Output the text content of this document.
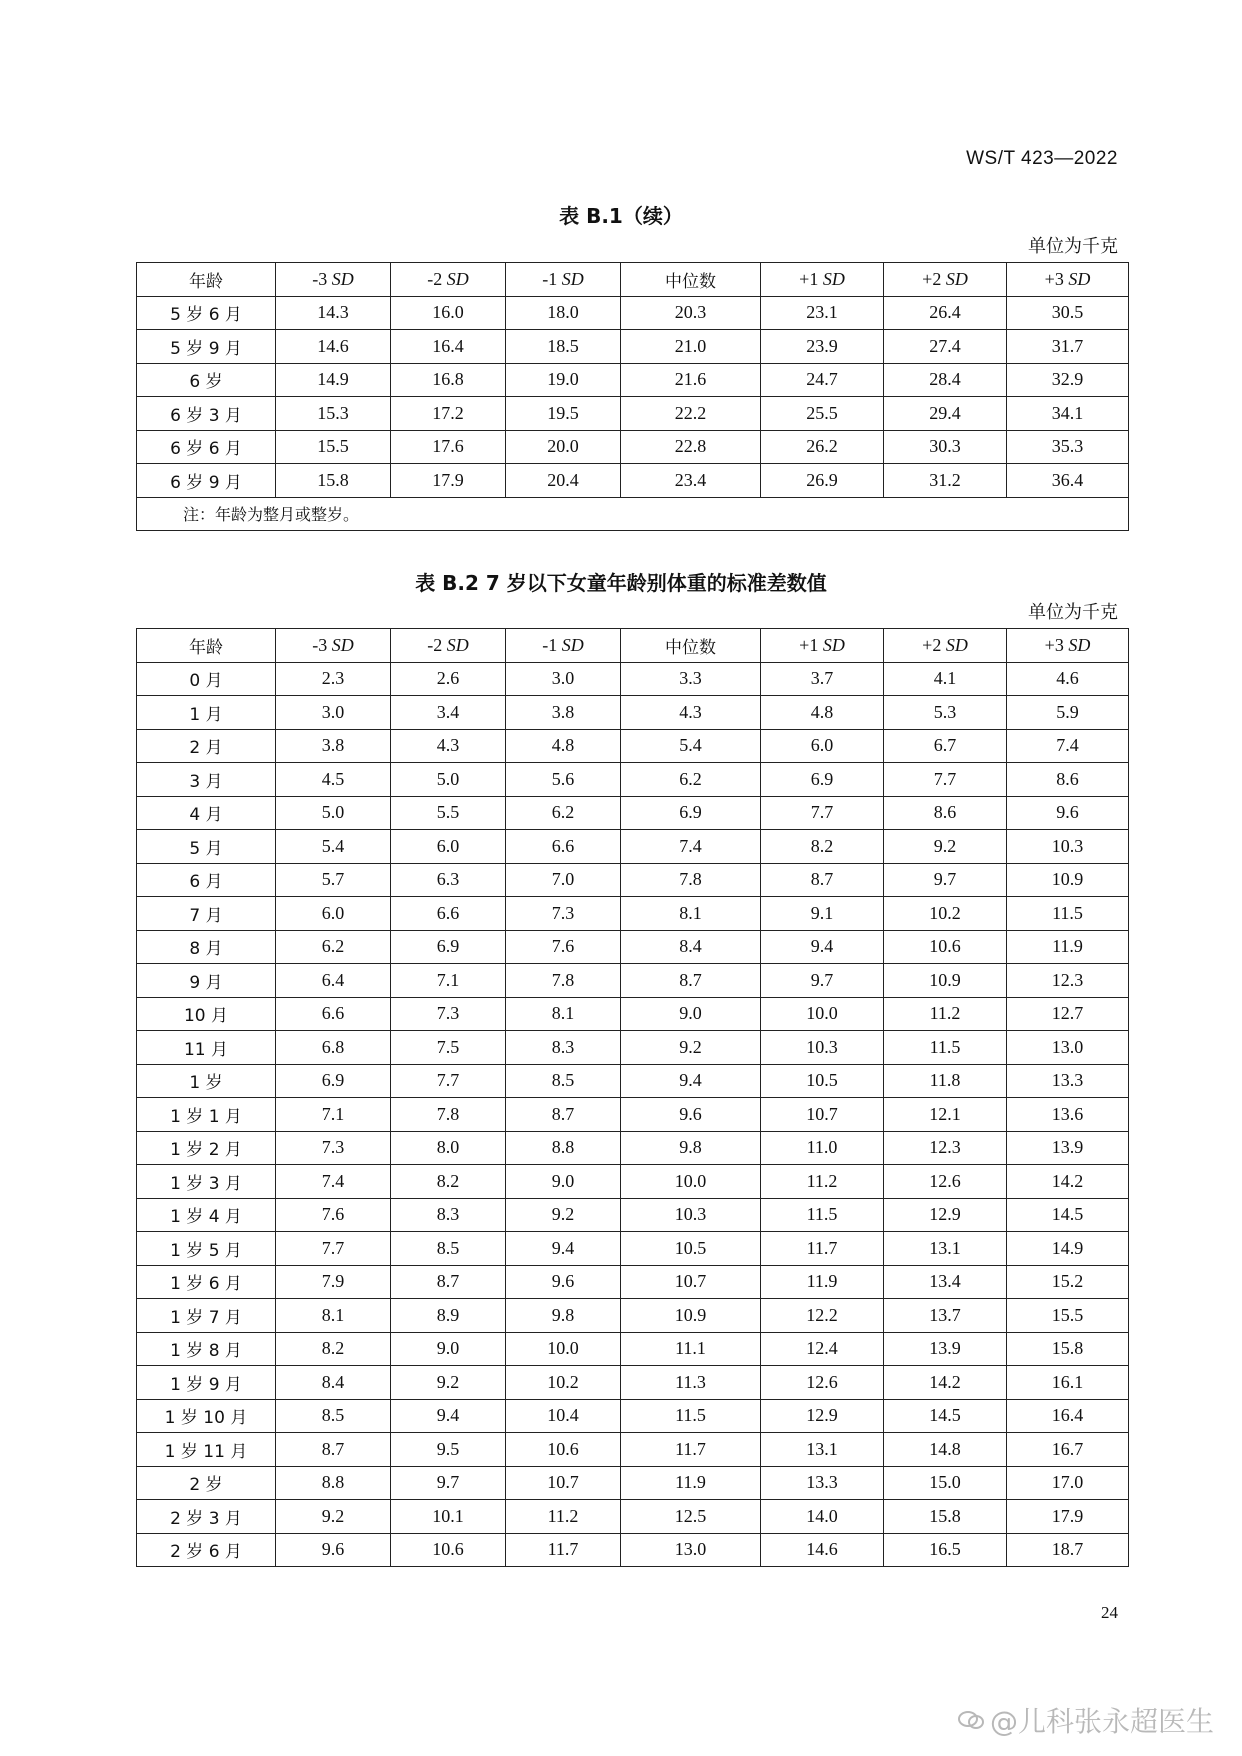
WS/T 423—2022
表 B.1（续）
单位为千克
年龄	-3 SD	-2 SD	-1 SD	中位数	+1 SD	+2 SD	+3 SD
5 岁 6 月	14.3	16.0	18.0	20.3	23.1	26.4	30.5
5 岁 9 月	14.6	16.4	18.5	21.0	23.9	27.4	31.7
6 岁	14.9	16.8	19.0	21.6	24.7	28.4	32.9
6 岁 3 月	15.3	17.2	19.5	22.2	25.5	29.4	34.1
6 岁 6 月	15.5	17.6	20.0	22.8	26.2	30.3	35.3
6 岁 9 月	15.8	17.9	20.4	23.4	26.9	31.2	36.4
注：年龄为整月或整岁。							
表 B.2 7 岁以下女童年龄别体重的标准差数值
单位为千克
年龄	-3 SD	-2 SD	-1 SD	中位数	+1 SD	+2 SD	+3 SD
0 月	2.3	2.6	3.0	3.3	3.7	4.1	4.6
1 月	3.0	3.4	3.8	4.3	4.8	5.3	5.9
2 月	3.8	4.3	4.8	5.4	6.0	6.7	7.4
3 月	4.5	5.0	5.6	6.2	6.9	7.7	8.6
4 月	5.0	5.5	6.2	6.9	7.7	8.6	9.6
5 月	5.4	6.0	6.6	7.4	8.2	9.2	10.3
6 月	5.7	6.3	7.0	7.8	8.7	9.7	10.9
7 月	6.0	6.6	7.3	8.1	9.1	10.2	11.5
8 月	6.2	6.9	7.6	8.4	9.4	10.6	11.9
9 月	6.4	7.1	7.8	8.7	9.7	10.9	12.3
10 月	6.6	7.3	8.1	9.0	10.0	11.2	12.7
11 月	6.8	7.5	8.3	9.2	10.3	11.5	13.0
1 岁	6.9	7.7	8.5	9.4	10.5	11.8	13.3
1 岁 1 月	7.1	7.8	8.7	9.6	10.7	12.1	13.6
1 岁 2 月	7.3	8.0	8.8	9.8	11.0	12.3	13.9
1 岁 3 月	7.4	8.2	9.0	10.0	11.2	12.6	14.2
1 岁 4 月	7.6	8.3	9.2	10.3	11.5	12.9	14.5
1 岁 5 月	7.7	8.5	9.4	10.5	11.7	13.1	14.9
1 岁 6 月	7.9	8.7	9.6	10.7	11.9	13.4	15.2
1 岁 7 月	8.1	8.9	9.8	10.9	12.2	13.7	15.5
1 岁 8 月	8.2	9.0	10.0	11.1	12.4	13.9	15.8
1 岁 9 月	8.4	9.2	10.2	11.3	12.6	14.2	16.1
1 岁 10 月	8.5	9.4	10.4	11.5	12.9	14.5	16.4
1 岁 11 月	8.7	9.5	10.6	11.7	13.1	14.8	16.7
2 岁	8.8	9.7	10.7	11.9	13.3	15.0	17.0
2 岁 3 月	9.2	10.1	11.2	12.5	14.0	15.8	17.9
2 岁 6 月	9.6	10.6	11.7	13.0	14.6	16.5	18.7
24
@儿科张永超医生
